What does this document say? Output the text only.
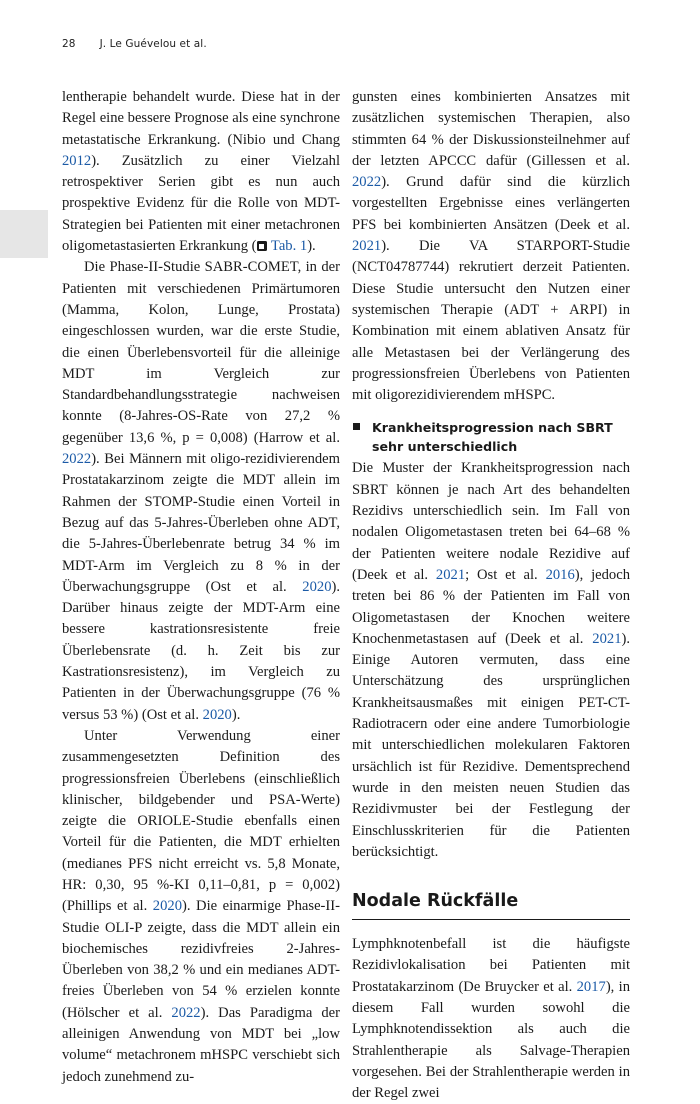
28 J. Le Guévelou et al.

lentherapie behandelt wurde. Diese hat in der Regel eine bessere Prognose als eine synchrone metastatische Erkrankung. (Nibio und Chang 2012). Zusätzlich zu einer Vielzahl retrospektiver Serien gibt es nun auch prospektive Evidenz für die Rolle von MDT-Strategien bei Patienten mit einer metachronen oligometastasierten Erkrankung ( Tab. 1).

Die Phase-II-Studie SABR-COMET, in der Patienten mit verschiedenen Primärtumoren (Mamma, Kolon, Lunge, Prostata) eingeschlossen wurden, war die erste Studie, die einen Überlebensvorteil für die alleinige MDT im Vergleich zur Standardbehandlungsstrategie nachweisen konnte (8-Jahres-OS-Rate von 27,2 % gegenüber 13,6 %, p = 0,008) (Harrow et al. 2022). Bei Männern mit oligo-rezidivierendem Prostatakarzinom zeigte die MDT allein im Rahmen der STOMP-Studie einen Vorteil in Bezug auf das 5-Jahres-Überleben ohne ADT, die 5-Jahres-Überlebenrate betrug 34 % im MDT-Arm im Vergleich zu 8 % in der Überwachungsgruppe (Ost et al. 2020). Darüber hinaus zeigte der MDT-Arm eine bessere kastrationsresistente freie Überlebensrate (d. h. Zeit bis zur Kastrationsresistenz), im Vergleich zu Patienten in der Überwachungsgruppe (76 % versus 53 %) (Ost et al. 2020).

Unter Verwendung einer zusammengesetzten Definition des progressionsfreien Überlebens (einschließlich klinischer, bildgebender und PSA-Werte) zeigte die ORIOLE-Studie ebenfalls einen Vorteil für die Patienten, die MDT erhielten (medianes PFS nicht erreicht vs. 5,8 Monate, HR: 0,30, 95 %-KI 0,11–0,81, p = 0,002) (Phillips et al. 2020). Die einarmige Phase-II-Studie OLI-P zeigte, dass die MDT allein ein biochemisches rezidivfreies 2-Jahres-Überleben von 38,2 % und ein medianes ADT-freies Überleben von 54 % erzielen konnte (Hölscher et al. 2022). Das Paradigma der alleinigen Anwendung von MDT bei „low volume“ metachronem mHSPC verschiebt sich jedoch zunehmend zu-

gunsten eines kombinierten Ansatzes mit zusätzlichen systemischen Therapien, also stimmten 64 % der Diskussionsteilnehmer auf der letzten APCCC dafür (Gillessen et al. 2022). Grund dafür sind die kürzlich vorgestellten Ergebnisse eines verlängerten PFS bei kombinierten Ansätzen (Deek et al. 2021). Die VA STARPORT-Studie (NCT04787744) rekrutiert derzeit Patienten. Diese Studie untersucht den Nutzen einer systemischen Therapie (ADT + ARPI) in Kombination mit einem ablativen Ansatz für alle Metastasen bei der Verlängerung des progressionsfreien Überlebens von Patienten mit oligorezidivierendem mHSPC.

Krankheitsprogression nach SBRT sehr unterschiedlich

Die Muster der Krankheitsprogression nach SBRT können je nach Art des behandelten Rezidivs unterschiedlich sein. Im Fall von nodalen Oligometastasen treten bei 64–68 % der Patienten weitere nodale Rezidive auf (Deek et al. 2021; Ost et al. 2016), jedoch treten bei 86 % der Patienten im Fall von Oligometastasen der Knochen weitere Knochenmetastasen auf (Deek et al. 2021). Einige Autoren vermuten, dass eine Unterschätzung des ursprünglichen Krankheitsausmaßes mit einigen PET-CT-Radiotracern oder eine andere Tumorbiologie mit unterschiedlichen molekularen Faktoren ursächlich ist für Rezidive. Dementsprechend wurde in den meisten neuen Studien das Rezidivmuster bei der Festlegung der Einschlusskriterien für die Patienten berücksichtigt.

Nodale Rückfälle

Lymphknotenbefall ist die häufigste Rezidivlokalisation bei Patienten mit Prostatakarzinom (De Bruycker et al. 2017), in diesem Fall wurden sowohl die Lymphknotendissektion als auch die Strahlentherapie als Salvage-Therapien vorgesehen. Bei der Strahlentherapie werden in der Regel zwei
